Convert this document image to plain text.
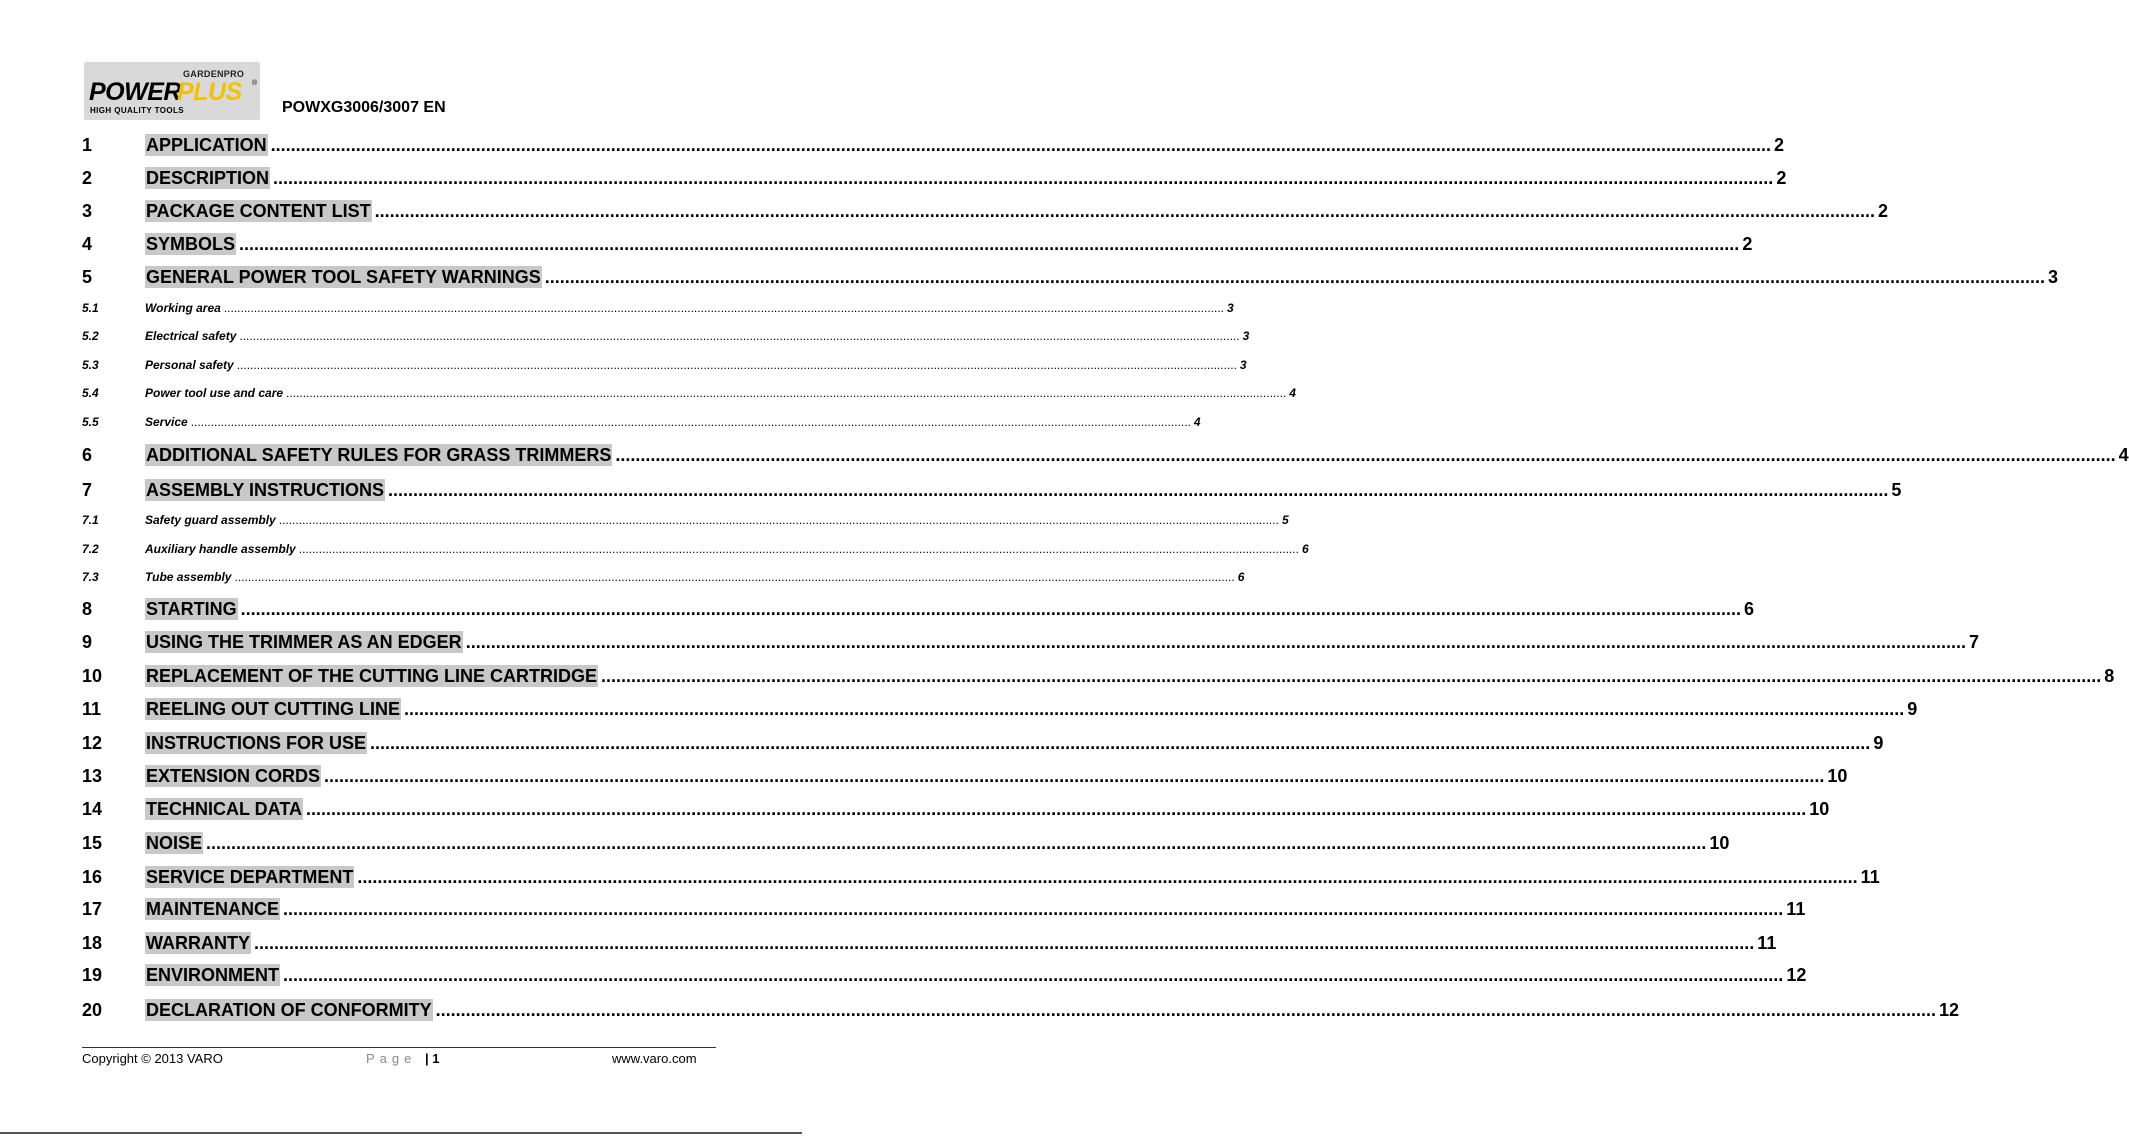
GARDENPRO
POWER
PLUS ®
HIGH QUALITY TOOLS	POWXG3006/3007 EN
1	APPLICATION ............................................................................................................................................................................................................................................................................................................ 2
2	DESCRIPTION ............................................................................................................................................................................................................................................................................................................ 2
3	PACKAGE CONTENT LIST ............................................................................................................................................................................................................................................................................................................ 2
4	SYMBOLS ............................................................................................................................................................................................................................................................................................................ 2
5	GENERAL POWER TOOL SAFETY WARNINGS ............................................................................................................................................................................................................................................................................................................ 3
5.1	Working area ............................................................................................................................................................................................................................................................................................................ 3
5.2	Electrical safety ............................................................................................................................................................................................................................................................................................................ 3
5.3	Personal safety ............................................................................................................................................................................................................................................................................................................ 3
5.4	Power tool use and care ............................................................................................................................................................................................................................................................................................................ 4
5.5	Service ............................................................................................................................................................................................................................................................................................................ 4
6	ADDITIONAL SAFETY RULES FOR GRASS TRIMMERS ............................................................................................................................................................................................................................................................................................................ 4
7	ASSEMBLY INSTRUCTIONS ............................................................................................................................................................................................................................................................................................................ 5
7.1	Safety guard assembly ............................................................................................................................................................................................................................................................................................................ 5
7.2	Auxiliary handle assembly ............................................................................................................................................................................................................................................................................................................ 6
7.3	Tube assembly ............................................................................................................................................................................................................................................................................................................ 6
8	STARTING ............................................................................................................................................................................................................................................................................................................ 6
9	USING THE TRIMMER AS AN EDGER ............................................................................................................................................................................................................................................................................................................ 7
10 REPLACEMENT OF THE CUTTING LINE CARTRIDGE ............................................................................................................................................................................................................................................................................................................ 8
11 REELING OUT CUTTING LINE ............................................................................................................................................................................................................................................................................................................ 9
12 INSTRUCTIONS FOR USE ............................................................................................................................................................................................................................................................................................................ 9
13 EXTENSION CORDS ............................................................................................................................................................................................................................................................................................................ 10
14 TECHNICAL DATA ............................................................................................................................................................................................................................................................................................................ 10
15 NOISE ............................................................................................................................................................................................................................................................................................................ 10
16 SERVICE DEPARTMENT ............................................................................................................................................................................................................................................................................................................ 11
17 MAINTENANCE ............................................................................................................................................................................................................................................................................................................ 11
18 WARRANTY ............................................................................................................................................................................................................................................................................................................ 11
19 ENVIRONMENT ............................................................................................................................................................................................................................................................................................................ 12
20 DECLARATION OF CONFORMITY ............................................................................................................................................................................................................................................................................................................ 12
Copyright © 2013 VARO	Page | 1	www.varo.com
